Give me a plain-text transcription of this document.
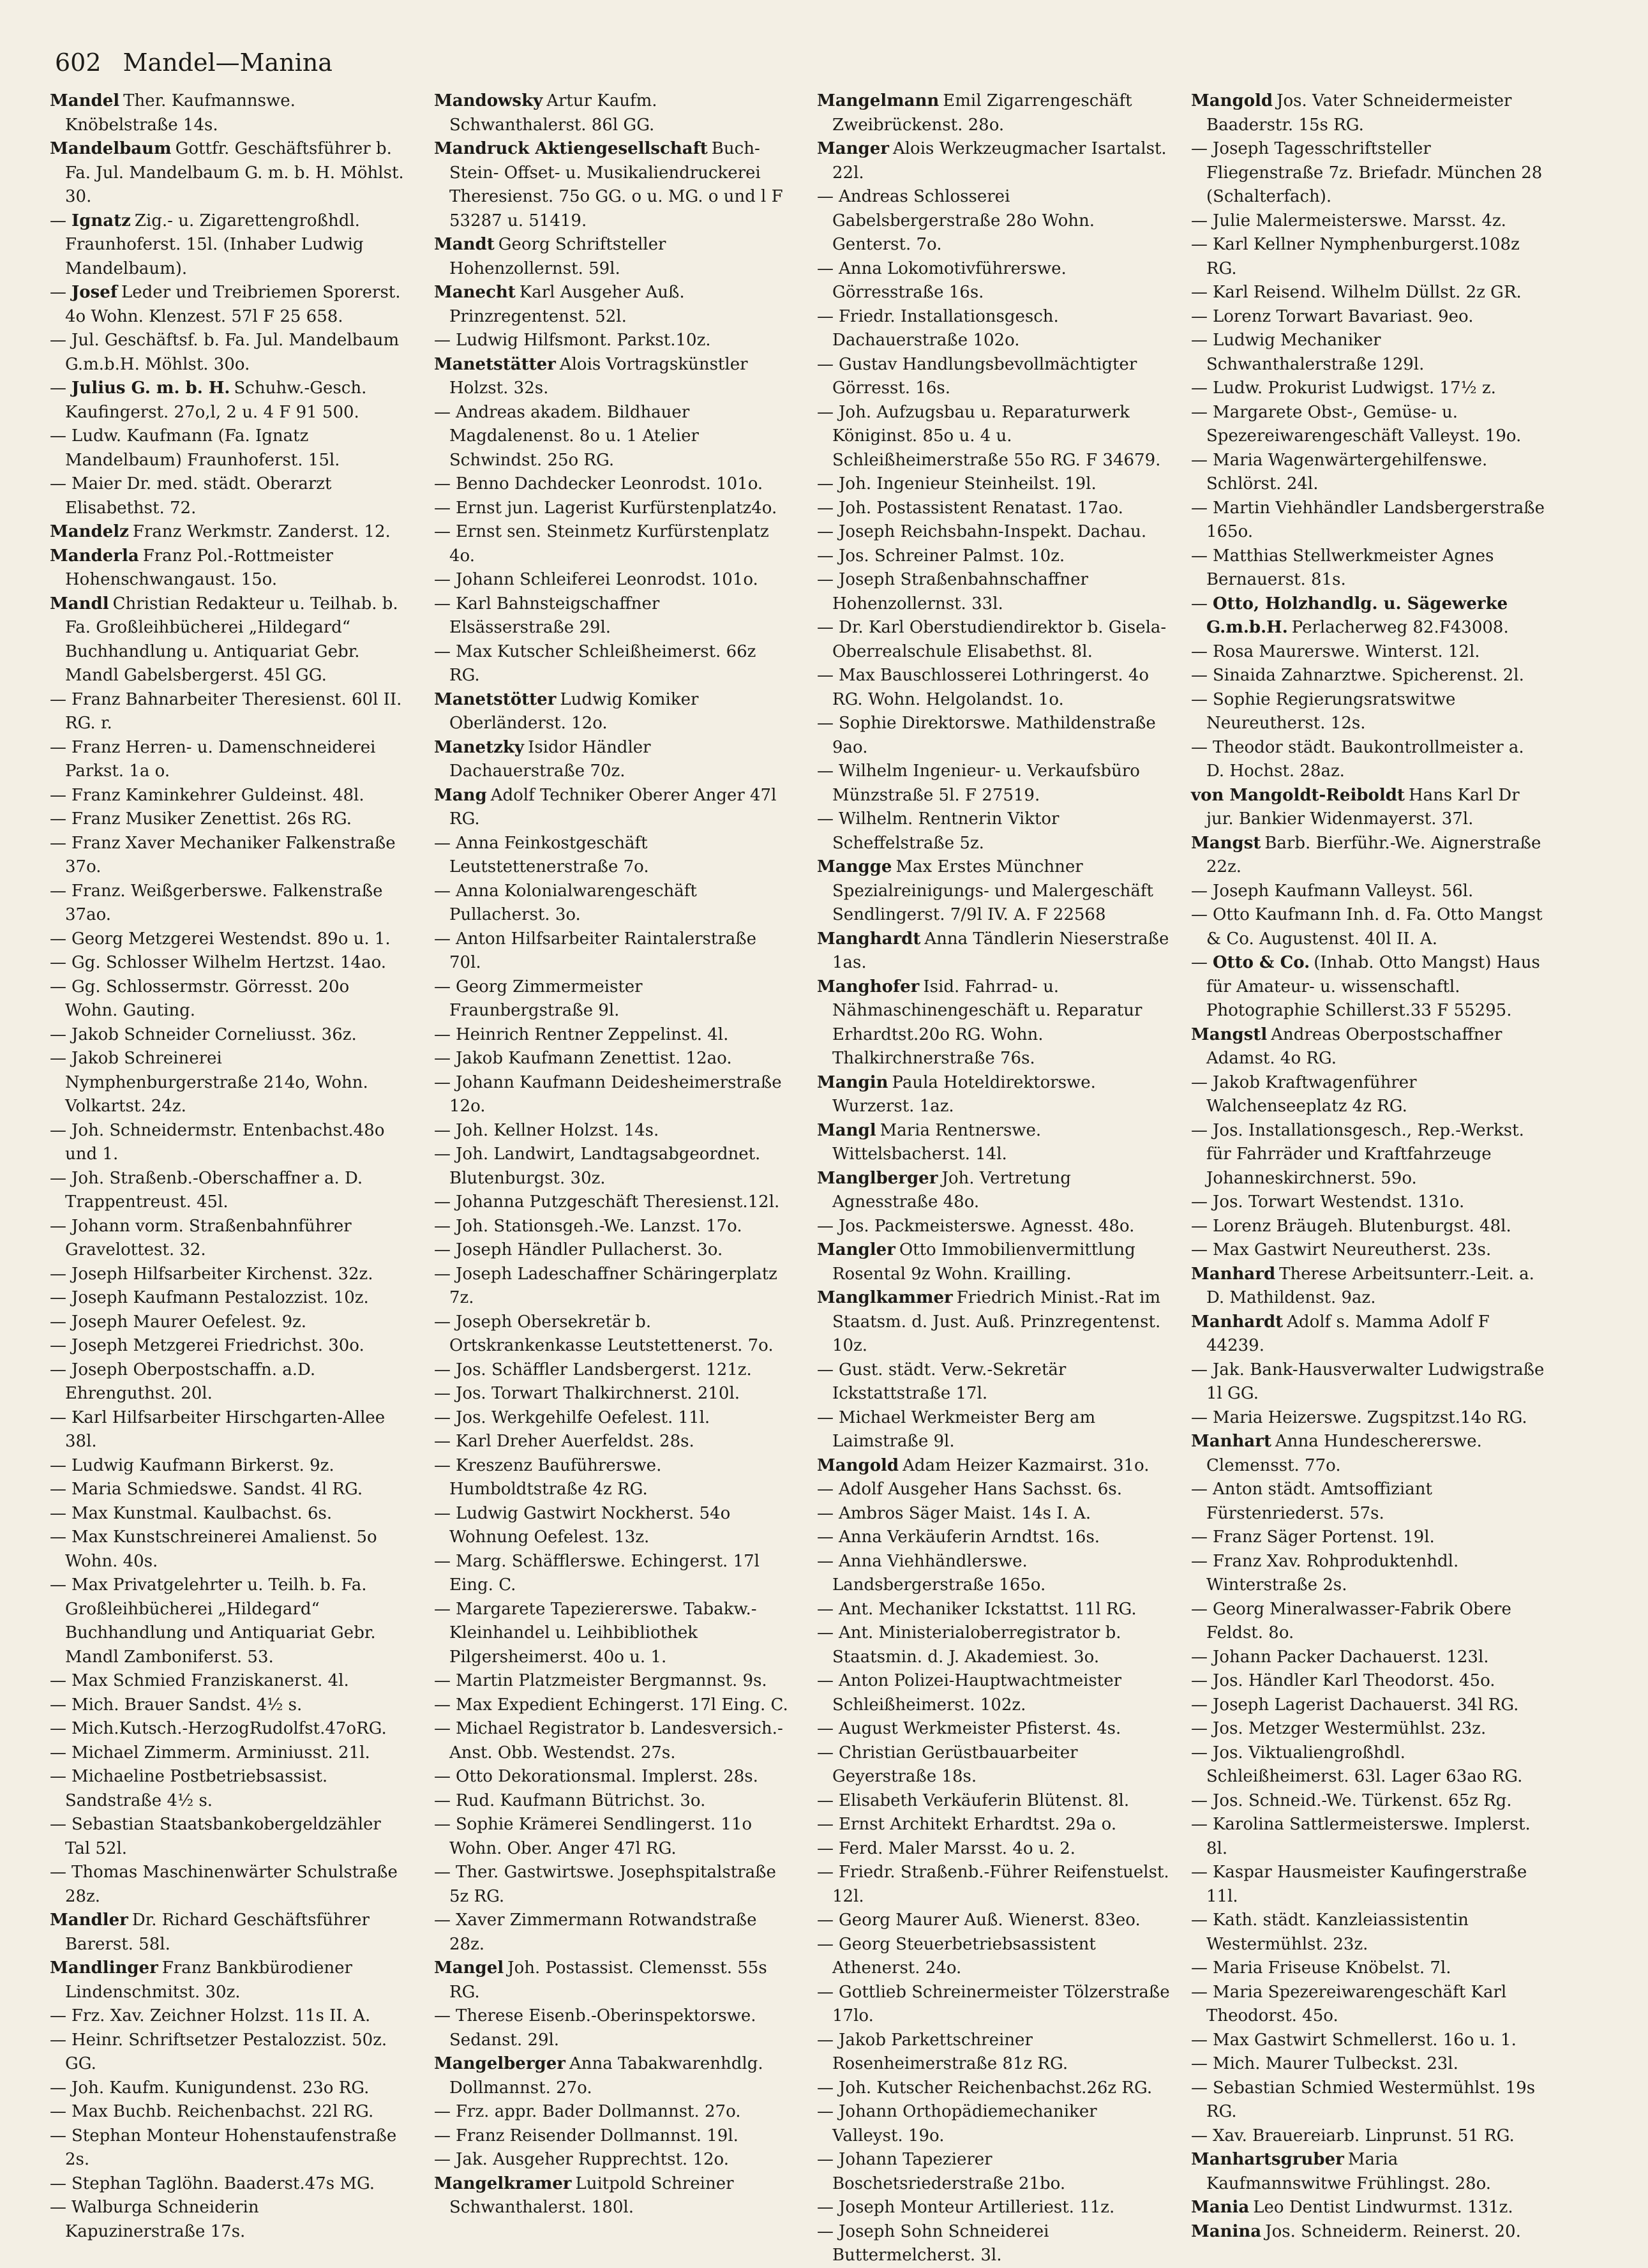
602 Mandel—Manina

Mandel Ther. Kaufmannswe. Knöbelstraße 14s.

Mandelbaum Gottfr. Geschäftsführer b. Fa. Jul. Mandelbaum G. m. b. H. Möhlst. 30.

— Ignatz Zig.- u. Zigarettengroßhdl. Fraunhoferst. 15l. (Inhaber Ludwig Mandelbaum).

— Josef Leder und Treibriemen Sporerst. 4o Wohn. Klenzest. 57l F 25 658.

— Jul. Geschäftsf. b. Fa. Jul. Mandelbaum G.m.b.H. Möhlst. 30o.

— Julius G. m. b. H. Schuhw.-Gesch. Kaufingerst. 27o,l, 2 u. 4 F 91 500.

— Ludw. Kaufmann (Fa. Ignatz Mandelbaum) Fraunhoferst. 15l.

— Maier Dr. med. städt. Oberarzt Elisabethst. 72.

Mandelz Franz Werkmstr. Zanderst. 12.

Manderla Franz Pol.-Rottmeister Hohenschwangaust. 15o.

Mandl Christian Redakteur u. Teilhab. b. Fa. Großleihbücherei „Hildegard“ Buchhandlung u. Antiquariat Gebr. Mandl Gabelsbergerst. 45l GG.

— Franz Bahnarbeiter Theresienst. 60l II. RG. r.

— Franz Herren- u. Damenschneiderei Parkst. 1a o.

— Franz Kaminkehrer Guldeinst. 48l.

— Franz Musiker Zenettist. 26s RG.

— Franz Xaver Mechaniker Falkenstraße 37o.

— Franz. Weißgerberswe. Falkenstraße 37ao.

— Georg Metzgerei Westendst. 89o u. 1.

— Gg. Schlosser Wilhelm Hertzst. 14ao.

— Gg. Schlossermstr. Görresst. 20o Wohn. Gauting.

— Jakob Schneider Corneliusst. 36z.

— Jakob Schreinerei Nymphenburgerstraße 214o, Wohn. Volkartst. 24z.

— Joh. Schneidermstr. Entenbachst.48o und 1.

— Joh. Straßenb.-Oberschaffner a. D. Trappentreust. 45l.

— Johann vorm. Straßenbahnführer Gravelottest. 32.

— Joseph Hilfsarbeiter Kirchenst. 32z.

— Joseph Kaufmann Pestalozzist. 10z.

— Joseph Maurer Oefelest. 9z.

— Joseph Metzgerei Friedrichst. 30o.

— Joseph Oberpostschaffn. a.D. Ehrenguthst. 20l.

— Karl Hilfsarbeiter Hirschgarten-Allee 38l.

— Ludwig Kaufmann Birkerst. 9z.

— Maria Schmiedswe. Sandst. 4l RG.

— Max Kunstmal. Kaulbachst. 6s.

— Max Kunstschreinerei Amalienst. 5o Wohn. 40s.

— Max Privatgelehrter u. Teilh. b. Fa. Großleihbücherei „Hildegard“ Buchhandlung und Antiquariat Gebr. Mandl Zamboniferst. 53.

— Max Schmied Franziskanerst. 4l.

— Mich. Brauer Sandst. 4½ s.

— Mich.Kutsch.-HerzogRudolfst.47oRG.

— Michael Zimmerm. Arminiusst. 21l.

— Michaeline Postbetriebsassist. Sandstraße 4½ s.

— Sebastian Staatsbankobergeldzähler Tal 52l.

— Thomas Maschinenwärter Schulstraße 28z.

Mandler Dr. Richard Geschäftsführer Barerst. 58l.

Mandlinger Franz Bankbürodiener Lindenschmitst. 30z.

— Frz. Xav. Zeichner Holzst. 11s II. A.

— Heinr. Schriftsetzer Pestalozzist. 50z. GG.

— Joh. Kaufm. Kunigundenst. 23o RG.

— Max Buchb. Reichenbachst. 22l RG.

— Stephan Monteur Hohenstaufenstraße 2s.

— Stephan Taglöhn. Baaderst.47s MG.

— Walburga Schneiderin Kapuzinerstraße 17s.

Mandowsky Artur Kaufm. Schwanthalerst. 86l GG.

Mandruck Aktiengesellschaft Buch-Stein- Offset- u. Musikaliendruckerei Theresienst. 75o GG. o u. MG. o und l F 53287 u. 51419.

Mandt Georg Schriftsteller Hohenzollernst. 59l.

Manecht Karl Ausgeher Auß. Prinzregentenst. 52l.

— Ludwig Hilfsmont. Parkst.10z.

Manetstätter Alois Vortragskünstler Holzst. 32s.

— Andreas akadem. Bildhauer Magdalenenst. 8o u. 1 Atelier Schwindst. 25o RG.

— Benno Dachdecker Leonrodst. 101o.

— Ernst jun. Lagerist Kurfürstenplatz4o.

— Ernst sen. Steinmetz Kurfürstenplatz 4o.

— Johann Schleiferei Leonrodst. 101o.

— Karl Bahnsteigschaffner Elsässerstraße 29l.

— Max Kutscher Schleißheimerst. 66z RG.

Manetstötter Ludwig Komiker Oberländerst. 12o.

Manetzky Isidor Händler Dachauerstraße 70z.

Mang Adolf Techniker Oberer Anger 47l RG.

— Anna Feinkostgeschäft Leutstettenerstraße 7o.

— Anna Kolonialwarengeschäft Pullacherst. 3o.

— Anton Hilfsarbeiter Raintalerstraße 70l.

— Georg Zimmermeister Fraunbergstraße 9l.

— Heinrich Rentner Zeppelinst. 4l.

— Jakob Kaufmann Zenettist. 12ao.

— Johann Kaufmann Deidesheimerstraße 12o.

— Joh. Kellner Holzst. 14s.

— Joh. Landwirt, Landtagsabgeordnet. Blutenburgst. 30z.

— Johanna Putzgeschäft Theresienst.12l.

— Joh. Stationsgeh.-We. Lanzst. 17o.

— Joseph Händler Pullacherst. 3o.

— Joseph Ladeschaffner Schäringerplatz 7z.

— Joseph Obersekretär b. Ortskrankenkasse Leutstettenerst. 7o.

— Jos. Schäffler Landsbergerst. 121z.

— Jos. Torwart Thalkirchnerst. 210l.

— Jos. Werkgehilfe Oefelest. 11l.

— Karl Dreher Auerfeldst. 28s.

— Kreszenz Bauführerswe. Humboldtstraße 4z RG.

— Ludwig Gastwirt Nockherst. 54o Wohnung Oefelest. 13z.

— Marg. Schäfflerswe. Echingerst. 17l Eing. C.

— Margarete Tapeziererswe. Tabakw.-Kleinhandel u. Leihbibliothek Pilgersheimerst. 40o u. 1.

— Martin Platzmeister Bergmannst. 9s.

— Max Expedient Echingerst. 17l Eing. C.

— Michael Registrator b. Landesversich.-Anst. Obb. Westendst. 27s.

— Otto Dekorationsmal. Implerst. 28s.

— Rud. Kaufmann Bütrichst. 3o.

— Sophie Krämerei Sendlingerst. 11o Wohn. Ober. Anger 47l RG.

— Ther. Gastwirtswe. Josephspitalstraße 5z RG.

— Xaver Zimmermann Rotwandstraße 28z.

Mangel Joh. Postassist. Clemensst. 55s RG.

— Therese Eisenb.-Oberinspektorswe. Sedanst. 29l.

Mangelberger Anna Tabakwarenhdlg. Dollmannst. 27o.

— Frz. appr. Bader Dollmannst. 27o.

— Franz Reisender Dollmannst. 19l.

— Jak. Ausgeher Rupprechtst. 12o.

Mangelkramer Luitpold Schreiner Schwanthalerst. 180l.

Mangelmann Emil Zigarrengeschäft Zweibrückenst. 28o.

Manger Alois Werkzeugmacher Isartalst. 22l.

— Andreas Schlosserei Gabelsbergerstraße 28o Wohn. Genterst. 7o.

— Anna Lokomotivführerswe. Görresstraße 16s.

— Friedr. Installationsgesch. Dachauerstraße 102o.

— Gustav Handlungsbevollmächtigter Görresst. 16s.

— Joh. Aufzugsbau u. Reparaturwerk Königinst. 85o u. 4 u. Schleißheimerstraße 55o RG. F 34679.

— Joh. Ingenieur Steinheilst. 19l.

— Joh. Postassistent Renatast. 17ao.

— Joseph Reichsbahn-Inspekt. Dachau.

— Jos. Schreiner Palmst. 10z.

— Joseph Straßenbahnschaffner Hohenzollernst. 33l.

— Dr. Karl Oberstudiendirektor b. Gisela-Oberrealschule Elisabethst. 8l.

— Max Bauschlosserei Lothringerst. 4o RG. Wohn. Helgolandst. 1o.

— Sophie Direktorswe. Mathildenstraße 9ao.

— Wilhelm Ingenieur- u. Verkaufsbüro Münzstraße 5l. F 27519.

— Wilhelm. Rentnerin Viktor Scheffelstraße 5z.

Mangge Max Erstes Münchner Spezialreinigungs- und Malergeschäft Sendlingerst. 7/9l IV. A. F 22568

Manghardt Anna Tändlerin Nieserstraße 1as.

Manghofer Isid. Fahrrad- u. Nähmaschinengeschäft u. Reparatur Erhardtst.20o RG. Wohn. Thalkirchnerstraße 76s.

Mangin Paula Hoteldirektorswe. Wurzerst. 1az.

Mangl Maria Rentnerswe. Wittelsbacherst. 14l.

Manglberger Joh. Vertretung Agnesstraße 48o.

— Jos. Packmeisterswe. Agnesst. 48o.

Mangler Otto Immobilienvermittlung Rosental 9z Wohn. Krailling.

Manglkammer Friedrich Minist.-Rat im Staatsm. d. Just. Auß. Prinzregentenst. 10z.

— Gust. städt. Verw.-Sekretär Ickstattstraße 17l.

— Michael Werkmeister Berg am Laimstraße 9l.

Mangold Adam Heizer Kazmairst. 31o.

— Adolf Ausgeher Hans Sachsst. 6s.

— Ambros Säger Maist. 14s I. A.

— Anna Verkäuferin Arndtst. 16s.

— Anna Viehhändlerswe. Landsbergerstraße 165o.

— Ant. Mechaniker Ickstattst. 11l RG.

— Ant. Ministerialoberregistrator b. Staatsmin. d. J. Akademiest. 3o.

— Anton Polizei-Hauptwachtmeister Schleißheimerst. 102z.

— August Werkmeister Pfisterst. 4s.

— Christian Gerüstbauarbeiter Geyerstraße 18s.

— Elisabeth Verkäuferin Blütenst. 8l.

— Ernst Architekt Erhardtst. 29a o.

— Ferd. Maler Marsst. 4o u. 2.

— Friedr. Straßenb.-Führer Reifenstuelst. 12l.

— Georg Maurer Auß. Wienerst. 83eo.

— Georg Steuerbetriebsassistent Athenerst. 24o.

— Gottlieb Schreinermeister Tölzerstraße 17lo.

— Jakob Parkettschreiner Rosenheimerstraße 81z RG.

— Joh. Kutscher Reichenbachst.26z RG.

— Johann Orthopädiemechaniker Valleyst. 19o.

— Johann Tapezierer Boschetsriederstraße 21bo.

— Joseph Monteur Artilleriest. 11z.

— Joseph Sohn Schneiderei Buttermelcherst. 3l.

Mangold Jos. Vater Schneidermeister Baaderstr. 15s RG.

— Joseph Tagesschriftsteller Fliegenstraße 7z. Briefadr. München 28 (Schalterfach).

— Julie Malermeisterswe. Marsst. 4z.

— Karl Kellner Nymphenburgerst.108z RG.

— Karl Reisend. Wilhelm Düllst. 2z GR.

— Lorenz Torwart Bavariast. 9eo.

— Ludwig Mechaniker Schwanthalerstraße 129l.

— Ludw. Prokurist Ludwigst. 17½ z.

— Margarete Obst-, Gemüse- u. Spezereiwarengeschäft Valleyst. 19o.

— Maria Wagenwärtergehilfenswe. Schlörst. 24l.

— Martin Viehhändler Landsbergerstraße 165o.

— Matthias Stellwerkmeister Agnes Bernauerst. 81s.

— Otto, Holzhandlg. u. Sägewerke G.m.b.H. Perlacherweg 82.F43008.

— Rosa Maurerswe. Winterst. 12l.

— Sinaida Zahnarztwe. Spicherenst. 2l.

— Sophie Regierungsratswitwe Neureutherst. 12s.

— Theodor städt. Baukontrollmeister a. D. Hochst. 28az.

von Mangoldt-Reiboldt Hans Karl Dr jur. Bankier Widenmayerst. 37l.

Mangst Barb. Bierführ.-We. Aignerstraße 22z.

— Joseph Kaufmann Valleyst. 56l.

— Otto Kaufmann Inh. d. Fa. Otto Mangst & Co. Augustenst. 40l II. A.

— Otto & Co. (Inhab. Otto Mangst) Haus für Amateur- u. wissenschaftl. Photographie Schillerst.33 F 55295.

Mangstl Andreas Oberpostschaffner Adamst. 4o RG.

— Jakob Kraftwagenführer Walchenseeplatz 4z RG.

— Jos. Installationsgesch., Rep.-Werkst. für Fahrräder und Kraftfahrzeuge Johanneskirchnerst. 59o.

— Jos. Torwart Westendst. 131o.

— Lorenz Bräugeh. Blutenburgst. 48l.

— Max Gastwirt Neureutherst. 23s.

Manhard Therese Arbeitsunterr.-Leit. a. D. Mathildenst. 9az.

Manhardt Adolf s. Mamma Adolf F 44239.

— Jak. Bank-Hausverwalter Ludwigstraße 1l GG.

— Maria Heizerswe. Zugspitzst.14o RG.

Manhart Anna Hundeschererswe. Clemensst. 77o.

— Anton städt. Amtsoffiziant Fürstenriederst. 57s.

— Franz Säger Portenst. 19l.

— Franz Xav. Rohproduktenhdl. Winterstraße 2s.

— Georg Mineralwasser-Fabrik Obere Feldst. 8o.

— Johann Packer Dachauerst. 123l.

— Jos. Händler Karl Theodorst. 45o.

— Joseph Lagerist Dachauerst. 34l RG.

— Jos. Metzger Westermühlst. 23z.

— Jos. Viktualiengroßhdl. Schleißheimerst. 63l. Lager 63ao RG.

— Jos. Schneid.-We. Türkenst. 65z Rg.

— Karolina Sattlermeisterswe. Implerst. 8l.

— Kaspar Hausmeister Kaufingerstraße 11l.

— Kath. städt. Kanzleiassistentin Westermühlst. 23z.

— Maria Friseuse Knöbelst. 7l.

— Maria Spezereiwarengeschäft Karl Theodorst. 45o.

— Max Gastwirt Schmellerst. 16o u. 1.

— Mich. Maurer Tulbeckst. 23l.

— Sebastian Schmied Westermühlst. 19s RG.

— Xav. Brauereiarb. Linprunst. 51 RG.

Manhartsgruber Maria Kaufmannswitwe Frühlingst. 28o.

Mania Leo Dentist Lindwurmst. 131z.

Manina Jos. Schneiderm. Reinerst. 20.
